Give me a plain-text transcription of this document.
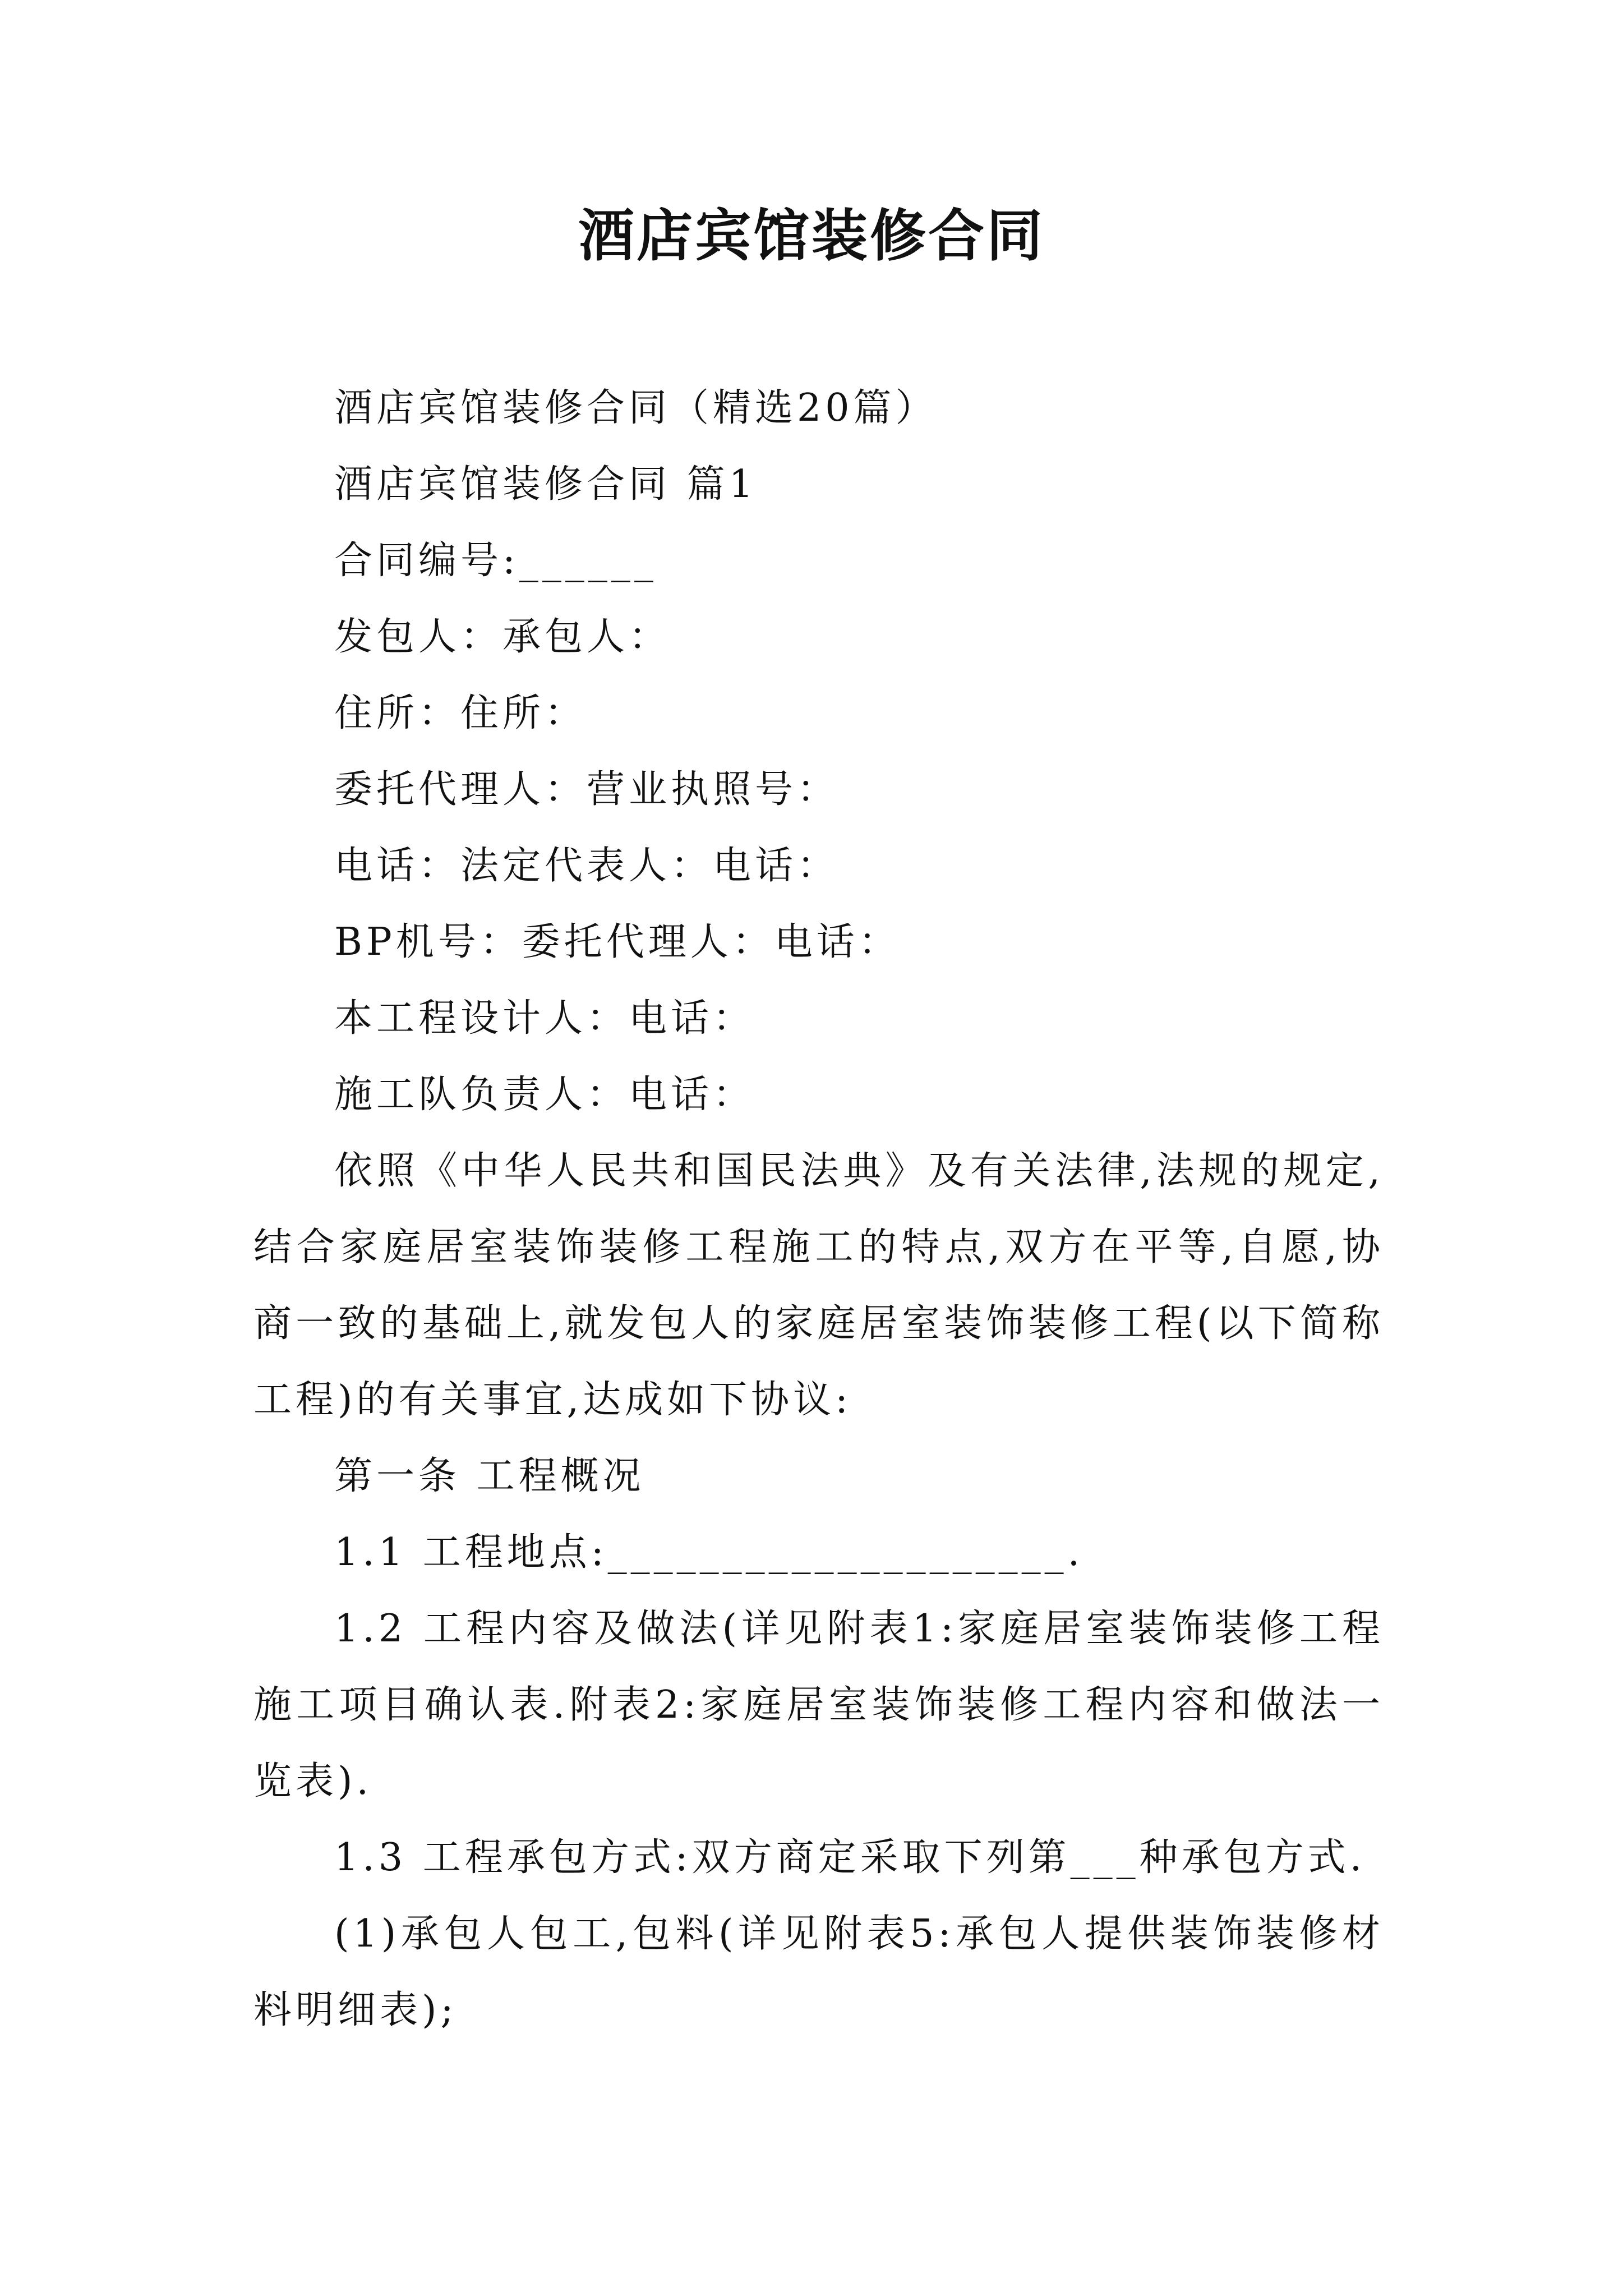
酒店宾馆装修合同

酒店宾馆装修合同（精选20篇）

酒店宾馆装修合同 篇1

合同编号:______

发包人：承包人：

住所：住所：

委托代理人：营业执照号：

电话：法定代表人：电话：

BP机号：委托代理人：电话：

本工程设计人：电话：

施工队负责人：电话：

依照《中华人民共和国民法典》及有关法律,法规的规定,结合家庭居室装饰装修工程施工的特点,双方在平等,自愿,协商一致的基础上,就发包人的家庭居室装饰装修工程(以下简称工程)的有关事宜,达成如下协议:

第一条 工程概况

1.1 工程地点:____________________.

1.2 工程内容及做法(详见附表1:家庭居室装饰装修工程施工项目确认表.附表2:家庭居室装饰装修工程内容和做法一览表).

1.3 工程承包方式:双方商定采取下列第___种承包方式.

(1)承包人包工,包料(详见附表5:承包人提供装饰装修材料明细表);
